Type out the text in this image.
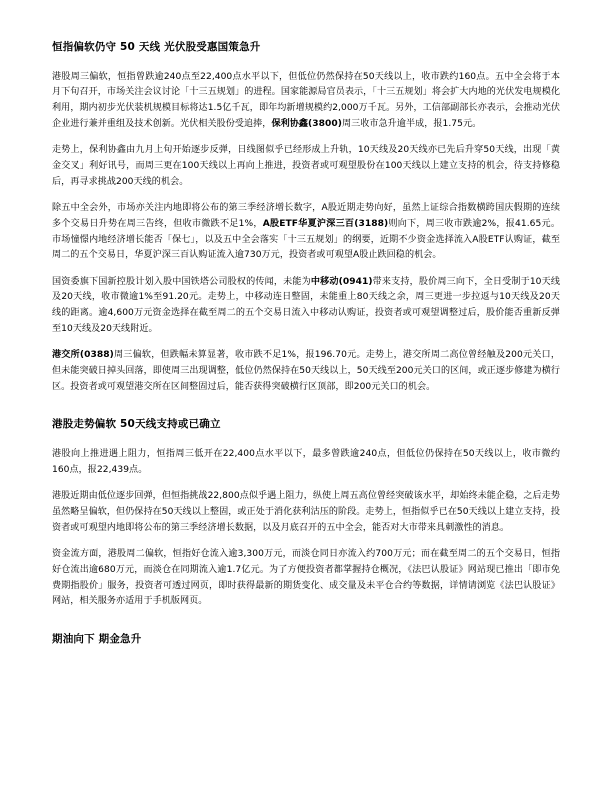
恒指偏软仍守 50 天线 光伏股受惠国策急升

港股周三偏软，恒指曾跌逾240点至22,400点水平以下，但低位仍然保持在50天线以上，收市跌约160点。五中全会将于本月下旬召开，市场关注会议讨论「十三五规划」的进程。国家能源局官员表示，「十三五规划」将会扩大内地的光伏发电规模化利用，期内初步光伏装机规模目标将达1.5亿千瓦，即年均新增规模约2,000万千瓦。另外，工信部副部长亦表示，会推动光伏企业进行兼并重组及技术创新。光伏相关股份受追捧，保利协鑫(3800)周三收市急升逾半成，报1.75元。

走势上，保利协鑫由九月上旬开始逐步反弹，日线图似乎已经形成上升轨，10天线及20天线亦已先后升穿50天线，出现「黄金交叉」利好讯号，而周三更在100天线以上再向上推进，投资者或可观望股份在100天线以上建立支持的机会，待支持修稳后，再寻求挑战200天线的机会。

除五中全会外，市场亦关注内地即将公布的第三季经济增长数字，A股近期走势向好，虽然上证综合指数横跨国庆假期的连续多个交易日升势在周三告终，但收市微跌不足1%，A股ETF华夏沪深三百(3188)则向下，周三收市跌逾2%，报41.65元。市场憧憬内地经济增长能否「保七」，以及五中全会落实「十三五规划」的纲要，近期不少资金选择流入A股ETF认购证，截至周二的五个交易日，华夏沪深三百认购证流入逾730万元，投资者或可观望A股止跌回稳的机会。

国资委旗下国新控股计划入股中国铁塔公司股权的传闻，未能为中移动(0941)带来支持，股价周三向下，全日受制于10天线及20天线，收市微逾1%至91.20元。走势上，中移动连日整固，未能重上80天线之余，周三更进一步拉返与10天线及20天线的距离。逾4,600万元资金选择在截至周二的五个交易日流入中移动认购证，投资者或可观望调整过后，股价能否重新反弹至10天线及20天线附近。

港交所(0388)周三偏软，但跌幅未算显著，收市跌不足1%，报196.70元。走势上，港交所周二高位曾经触及200元关口，但未能突破日掉头回落，即使周三出现调整，低位仍然保持在50天线以上，50天线至200元关口的区间，或正逐步修建为横行区。投资者或可观望港交所在区间整固过后，能否获得突破横行区顶部，即200元关口的机会。

港股走势偏软 50天线支持或已确立

港股向上推进遇上阻力，恒指周三低开在22,400点水平以下，最多曾跌逾240点，但低位仍保持在50天线以上，收市微约160点，报22,439点。

港股近期由低位逐步回弹，但恒指挑战22,800点似乎遇上阻力，纵使上周五高位曾经突破该水平，却始终未能企稳，之后走势虽然略呈偏软，但仍保持在50天线以上整固，或正处于消化获利沽压的阶段。走势上，恒指似乎已在50天线以上建立支持，投资者或可观望内地即将公布的第三季经济增长数据，以及月底召开的五中全会，能否对大市带来具刺激性的消息。

资金流方面，港股周二偏软，恒指好仓流入逾3,300万元，而淡仓同日亦流入约700万元；而在截至周二的五个交易日，恒指好仓流出逾680万元，而淡仓在同期流入逾1.7亿元。为了方便投资者都掌握持仓概况，《法巴认股证》网站现已推出「即市免费期指股价」服务，投资者可透过网页，即时获得最新的期货变化、成交量及未平仓合约等数据，详情请浏览《法巴认股证》网站，相关服务亦适用于手机版网页。

期油向下 期金急升
